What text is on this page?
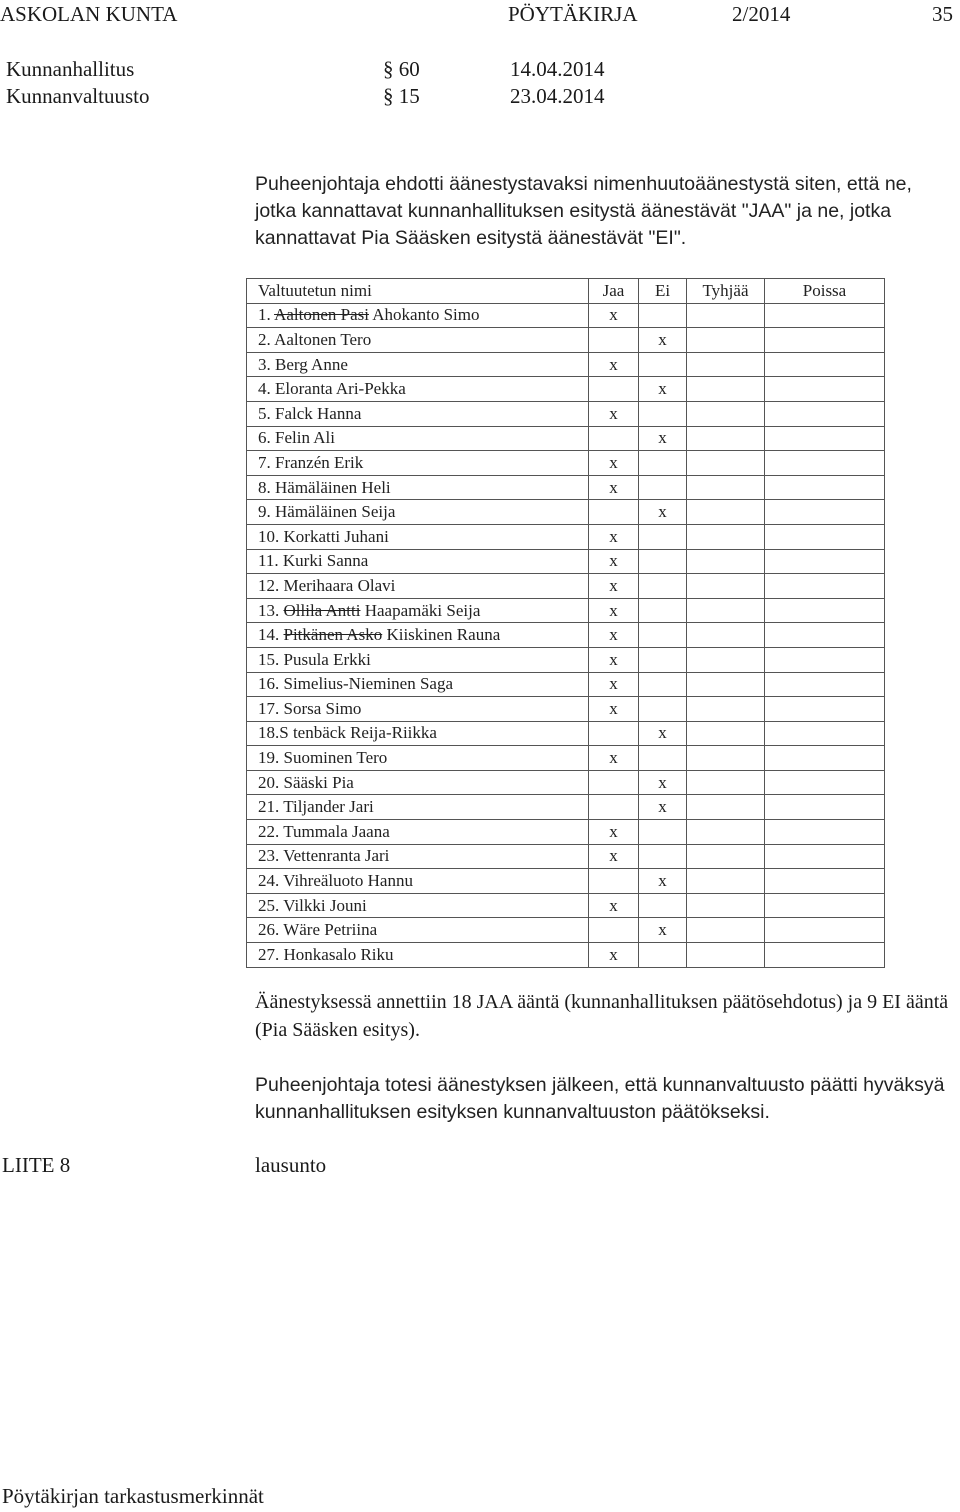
ASKOLAN KUNTA	PÖYTÄKIRJA	2/2014	35
Kunnanhallitus	§ 60	14.04.2014
Kunnanvaltuusto	§ 15	23.04.2014
Puheenjohtaja ehdotti äänestystavaksi nimenhuutoäänestystä siten, että ne, jotka kannattavat kunnanhallituksen esitystä äänestävät "JAA" ja ne, jotka kannattavat Pia Sääsken esitystä äänestävät "EI".
Valtuutetun nimi	Jaa	Ei	Tyhjää	Poissa
1. Aaltonen Pasi Ahokanto Simo	x			
2. Aaltonen Tero		x		
3. Berg Anne	x			
4. Eloranta Ari-Pekka		x		
5. Falck Hanna	x			
6. Felin Ali		x		
7. Franzén Erik	x			
8. Hämäläinen Heli	x			
9. Hämäläinen Seija		x		
10. Korkatti Juhani	x			
11. Kurki Sanna	x			
12. Merihaara Olavi	x			
13. Ollila Antti Haapamäki Seija	x			
14. Pitkänen Asko Kiiskinen Rauna	x			
15. Pusula Erkki	x			
16. Simelius-Nieminen Saga	x			
17. Sorsa Simo	x			
18.S tenbäck Reija-Riikka		x		
19. Suominen Tero	x			
20. Sääski Pia		x		
21. Tiljander Jari		x		
22. Tummala Jaana	x			
23. Vettenranta Jari	x			
24. Vihreäluoto Hannu		x		
25. Vilkki Jouni	x			
26. Wäre Petriina		x		
27. Honkasalo Riku	x			
Äänestyksessä annettiin 18 JAA ääntä (kunnanhallituksen päätösehdotus) ja 9 EI ääntä (Pia Sääsken esitys).
Puheenjohtaja totesi äänestyksen jälkeen, että kunnanvaltuusto päätti hyväksyä kunnanhallituksen esityksen kunnanvaltuuston päätökseksi.
LIITE 8	lausunto
Pöytäkirjan tarkastusmerkinnät
